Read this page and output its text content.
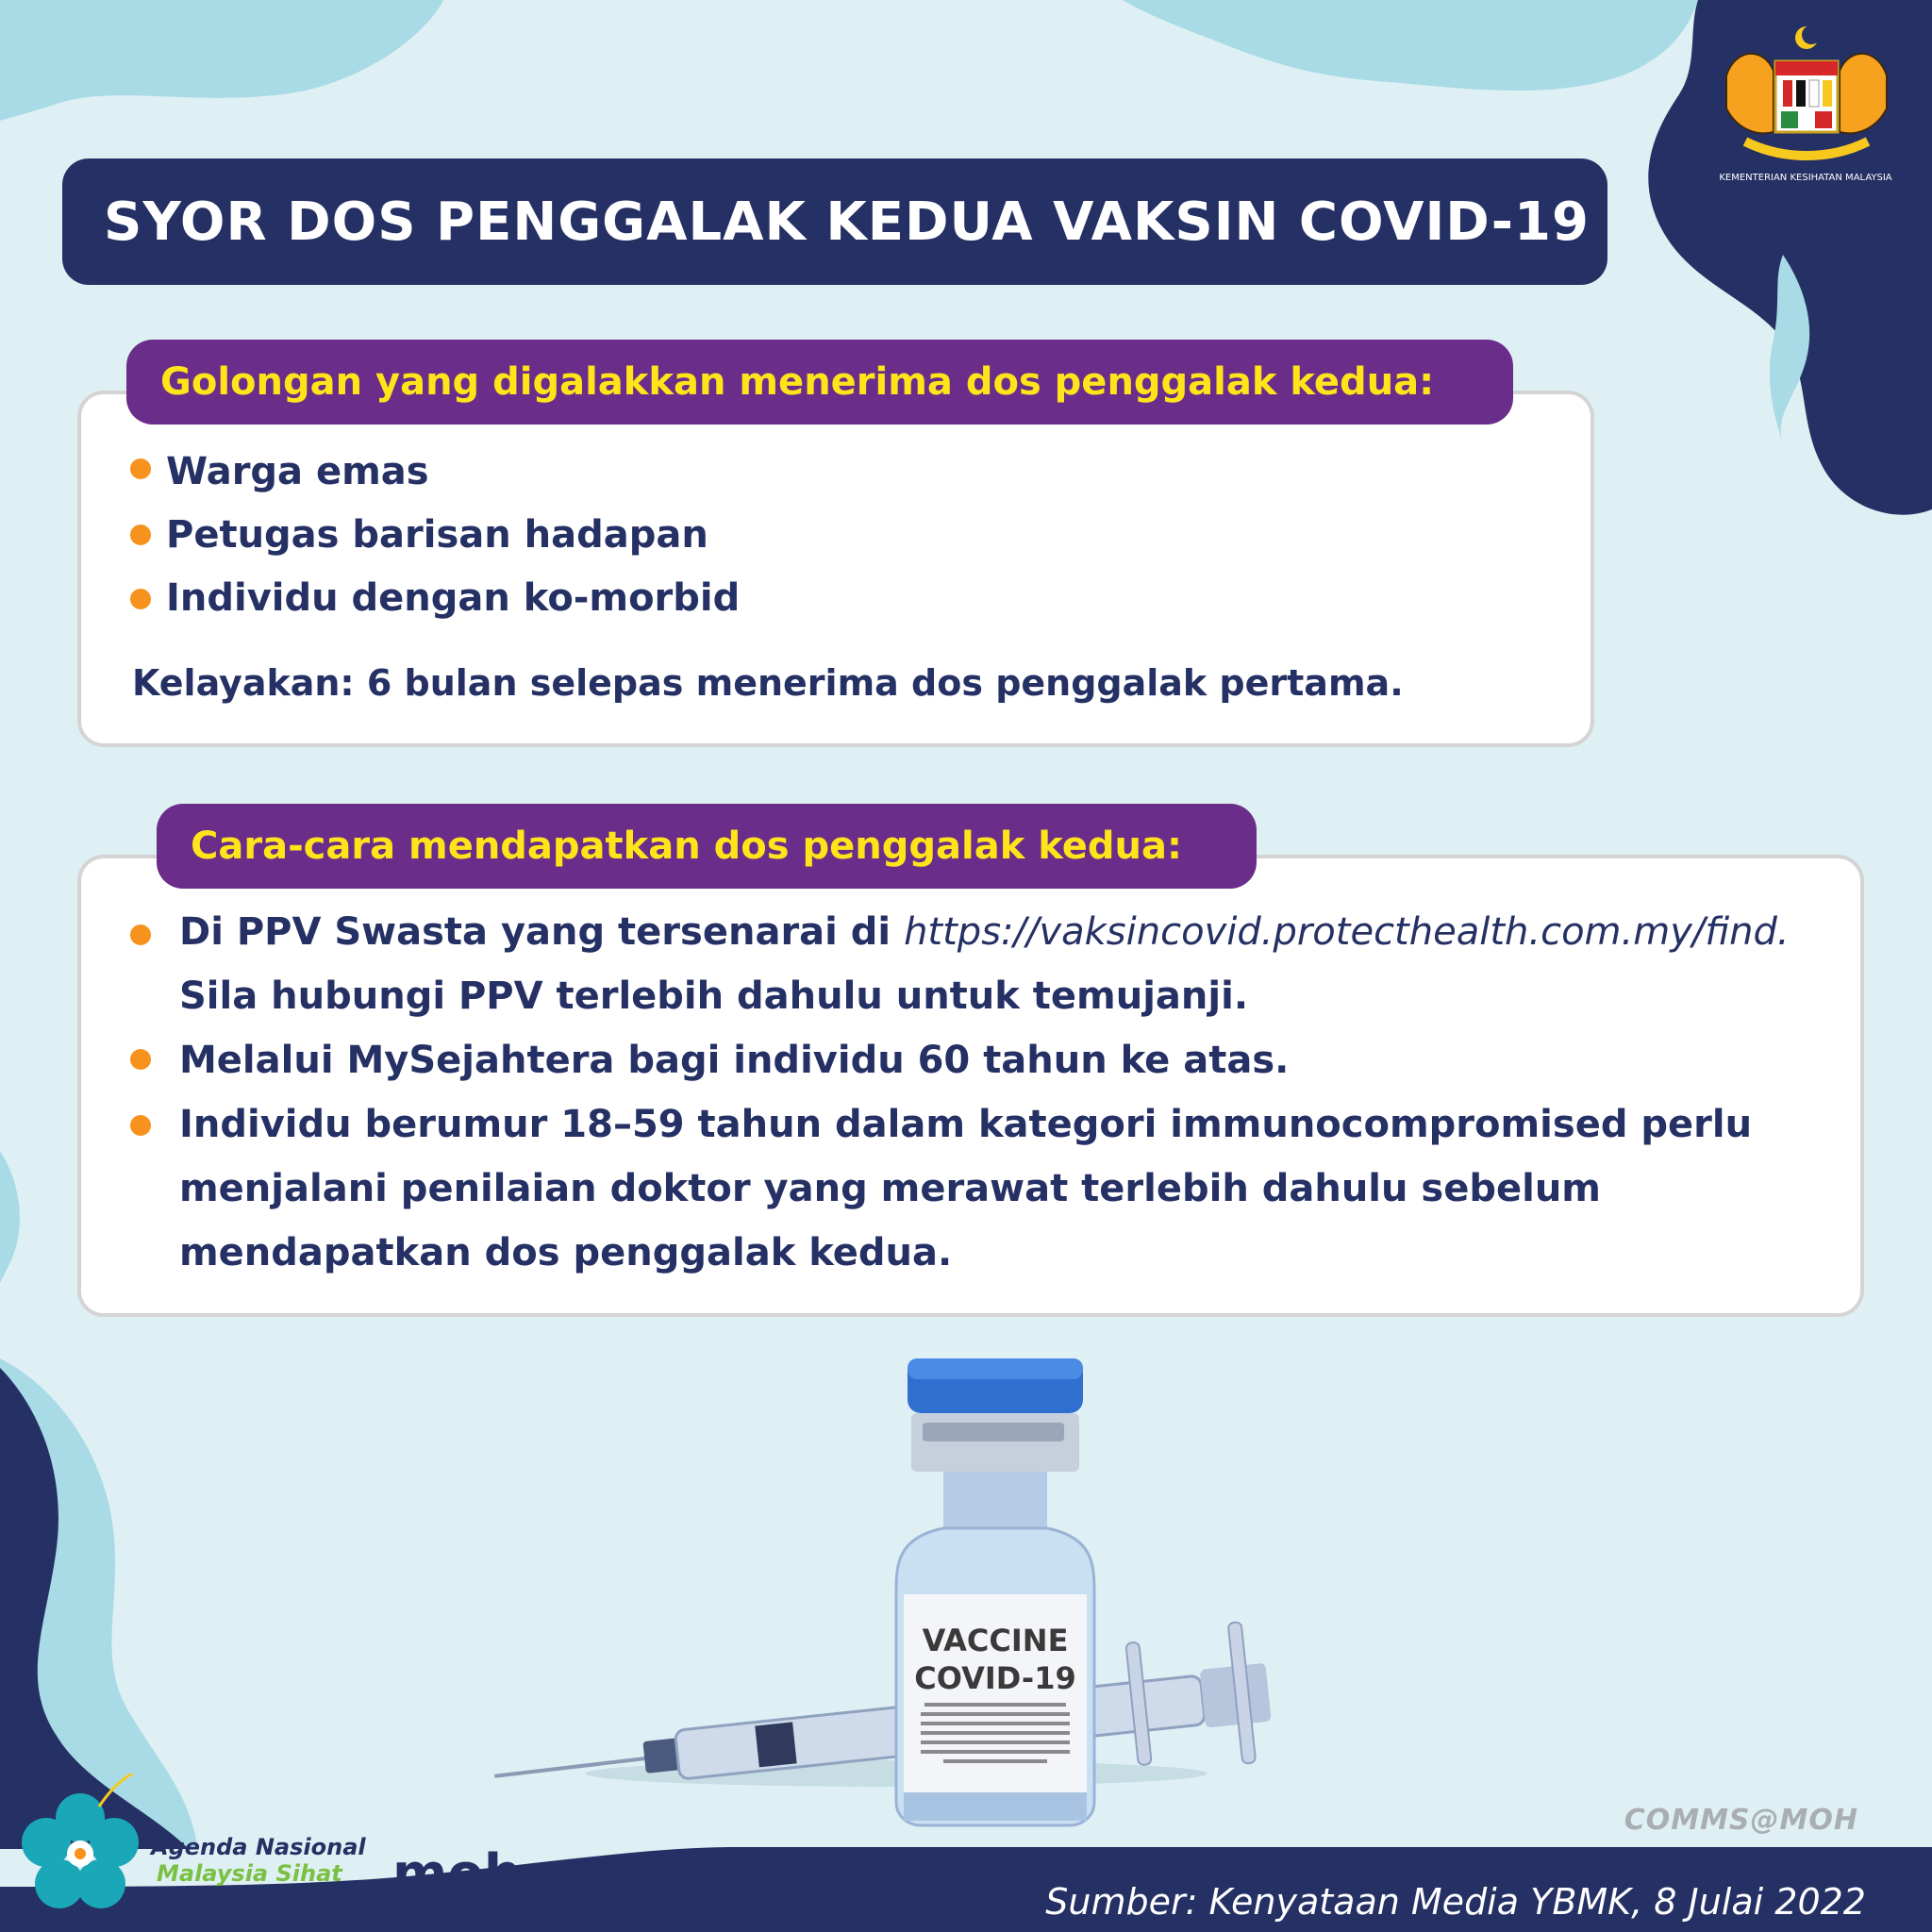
KEMENTERIAN KESIHATAN MALAYSIA
SYOR DOS PENGGALAK KEDUA VAKSIN COVID-19
Golongan yang digalakkan menerima dos penggalak kedua:
Warga emas
Petugas barisan hadapan
Individu dengan ko-morbid
Kelayakan: 6 bulan selepas menerima dos penggalak pertama.
Cara-cara mendapatkan dos penggalak kedua:
Di PPV Swasta yang tersenarai di https://vaksincovid.protecthealth.com.my/find.
Sila hubungi PPV terlebih dahulu untuk temujanji.
Melalui MySejahtera bagi individu 60 tahun ke atas.
Individu berumur 18–59 tahun dalam kategori immunocompromised perlu
menjalani penilaian doktor yang merawat terlebih dahulu sebelum
mendapatkan dos penggalak kedua.
VACCINE
COVID-19
COMMS@MOH
Agenda Nasional
Malaysia Sihat moh.gov.my	Sumber: Kenyataan Media YBMK, 8 Julai 2022
